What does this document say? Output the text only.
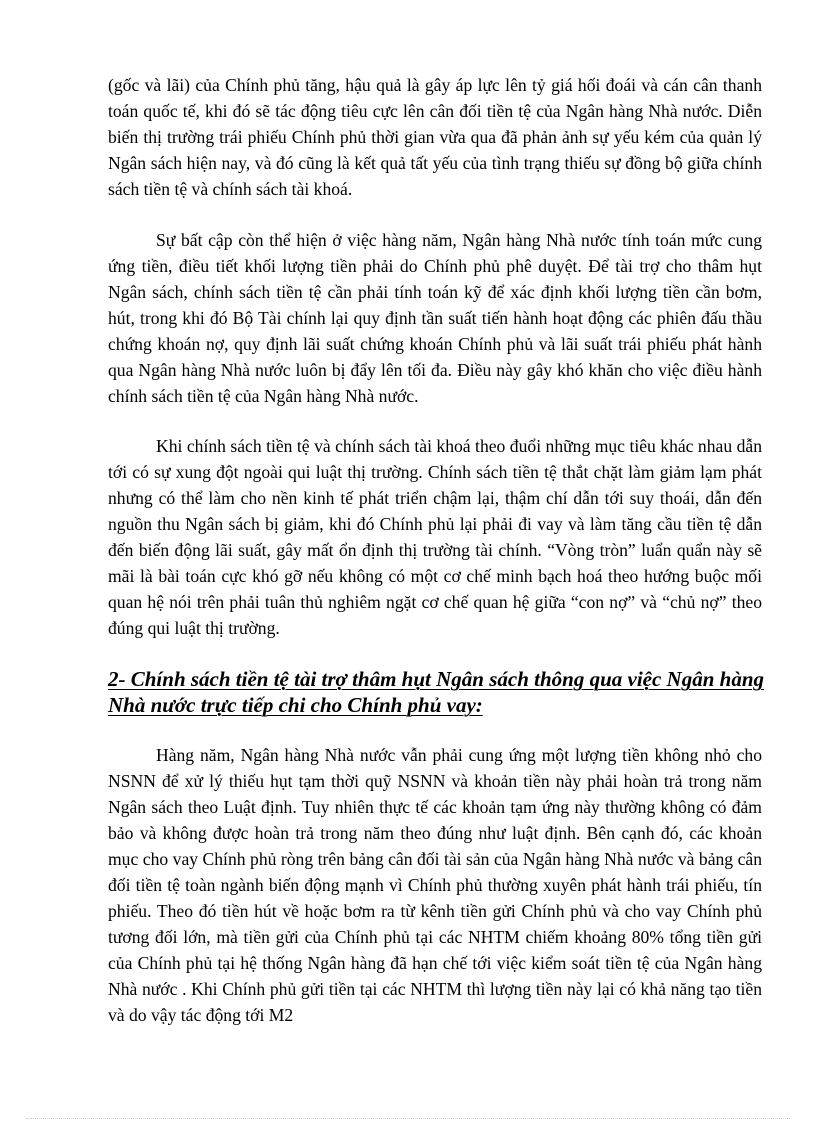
(gốc và lãi) của Chính phủ tăng, hậu quả là gây áp lực lên tỷ giá hối đoái và cán cân thanh toán quốc tế, khi đó sẽ tác động tiêu cực lên cân đối tiền tệ của Ngân hàng Nhà nước. Diễn biến thị trường trái phiếu Chính phủ thời gian vừa qua đã phản ảnh sự yếu kém của quản lý Ngân sách hiện nay, và đó cũng là kết quả tất yếu của tình trạng thiếu sự đồng bộ giữa chính sách tiền tệ và chính sách tài khoá.

Sự bất cập còn thể hiện ở việc hàng năm, Ngân hàng Nhà nước tính toán mức cung ứng tiền, điều tiết khối lượng tiền phải do Chính phủ phê duyệt. Để tài trợ cho thâm hụt Ngân sách, chính sách tiền tệ cần phải tính toán kỹ để xác định khối lượng tiền cần bơm, hút, trong khi đó Bộ Tài chính lại quy định tần suất tiến hành hoạt động các phiên đấu thầu chứng khoán nợ, quy định lãi suất chứng khoán Chính phủ và lãi suất trái phiếu phát hành qua Ngân hàng Nhà nước luôn bị đẩy lên tối đa. Điều này gây khó khăn cho việc điều hành chính sách tiền tệ của Ngân hàng Nhà nước.

Khi chính sách tiền tệ và chính sách tài khoá theo đuổi những mục tiêu khác nhau dẫn tới có sự xung đột ngoài qui luật thị trường. Chính sách tiền tệ thắt chặt làm giảm lạm phát nhưng có thể làm cho nền kinh tế phát triển chậm lại, thậm chí dẫn tới suy thoái, dẫn đến nguồn thu Ngân sách bị giảm, khi đó Chính phủ lại phải đi vay và làm tăng cầu tiền tệ dẫn đến biến động lãi suất, gây mất ổn định thị trường tài chính. “Vòng tròn” luẩn quẩn này sẽ mãi là bài toán cực khó gỡ nếu không có một cơ chế minh bạch hoá theo hướng buộc mối quan hệ nói trên phải tuân thủ nghiêm ngặt cơ chế quan hệ giữa “con nợ” và “chủ nợ” theo đúng qui luật thị trường.

2- Chính sách tiền tệ tài trợ thâm hụt Ngân sách thông qua việc Ngân hàng Nhà nước trực tiếp chi cho Chính phủ vay:

Hàng năm, Ngân hàng Nhà nước vẫn phải cung ứng một lượng tiền không nhỏ cho NSNN để xử lý thiếu hụt tạm thời quỹ NSNN và khoản tiền này phải hoàn trả trong năm Ngân sách theo Luật định. Tuy nhiên thực tế các khoản tạm ứng này thường không có đảm bảo và không được hoàn trả trong năm theo đúng như luật định. Bên cạnh đó, các khoản mục cho vay Chính phủ ròng trên bảng cân đối tài sản của Ngân hàng Nhà nước và bảng cân đối tiền tệ toàn ngành biến động mạnh vì Chính phủ thường xuyên phát hành trái phiếu, tín phiếu. Theo đó tiền hút về hoặc bơm ra từ kênh tiền gửi Chính phủ và cho vay Chính phủ tương đối lớn, mà tiền gửi của Chính phủ tại các NHTM chiếm khoảng 80% tổng tiền gửi của Chính phủ tại hệ thống Ngân hàng đã hạn chế tới việc kiểm soát tiền tệ của Ngân hàng Nhà nước . Khi Chính phủ gửi tiền tại các NHTM thì lượng tiền này lại có khả năng tạo tiền và do vậy tác động tới M2
